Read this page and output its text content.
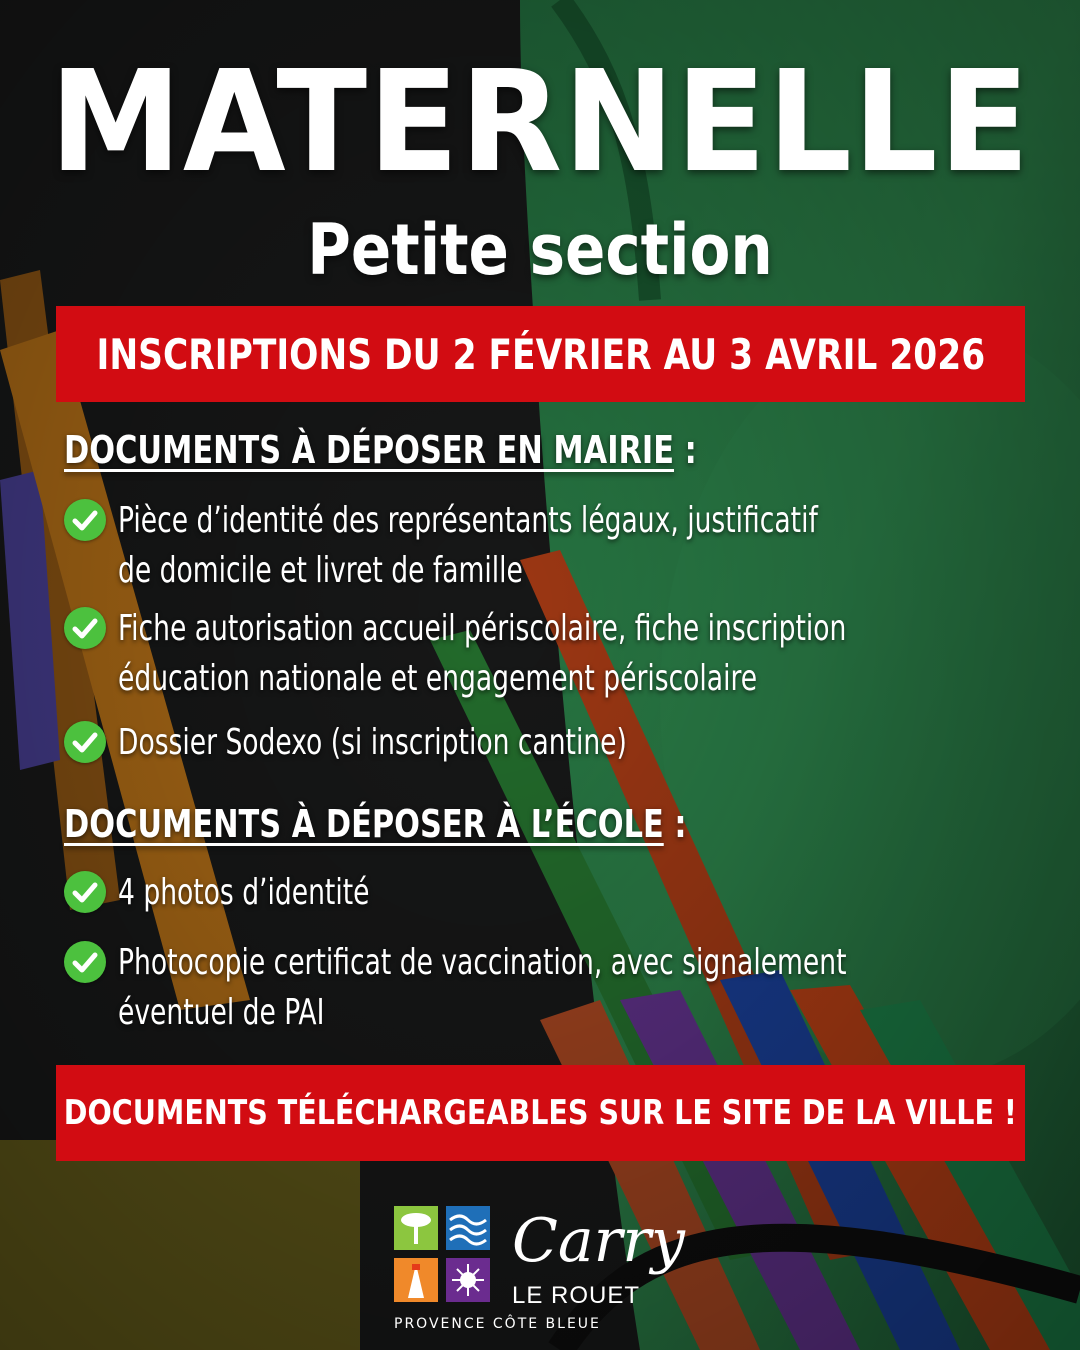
MATERNELLE
Petite section
INSCRIPTIONS DU 2 FÉVRIER AU 3 AVRIL 2026
DOCUMENTS À DÉPOSER EN MAIRIE :
Pièce d’identité des représentants légaux, justificatif
de domicile et livret de famille
Fiche autorisation accueil périscolaire, fiche inscription
éducation nationale et engagement périscolaire
Dossier Sodexo (si inscription cantine)
DOCUMENTS À DÉPOSER À L’ÉCOLE :
4 photos d’identité
Photocopie certificat de vaccination, avec signalement
éventuel de PAI
DOCUMENTS TÉLÉCHARGEABLES SUR LE SITE DE LA VILLE !
Carry
LE ROUET
PROVENCE CÔTE BLEUE
